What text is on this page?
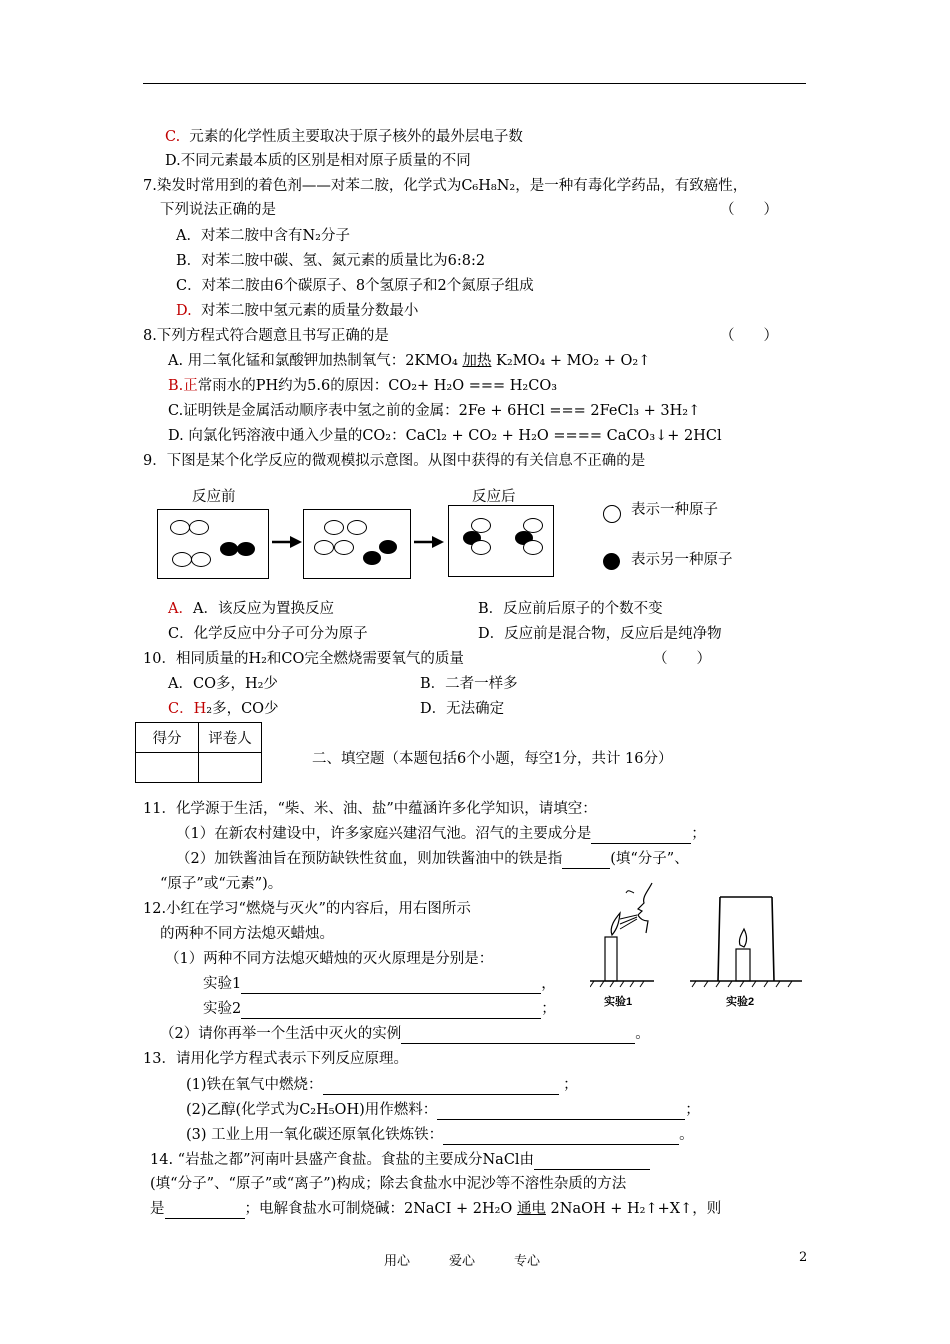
C. 元素的化学性质主要取决于原子核外的最外层电子数
D.不同元素最本质的区别是相对原子质量的不同
7.染发时常用到的着色剂——对苯二胺，化学式为C₆H₈N₂，是一种有毒化学药品，有致癌性，
下列说法正确的是	（　　）
A．对苯二胺中含有N₂分子
B．对苯二胺中碳、氢、氮元素的质量比为6:8:2
C．对苯二胺由6个碳原子、8个氢原子和2个氮原子组成
D. 对苯二胺中氢元素的质量分数最小
8.下列方程式符合题意且书写正确的是	（　　）
A. 用二氧化锰和氯酸钾加热制氧气：2KMO₄ 加热 K₂MO₄ + MO₂ + O₂↑
B.正常雨水的PH约为5.6的原因：CO₂+ H₂O === H₂CO₃
C.证明铁是金属活动顺序表中氢之前的金属：2Fe + 6HCl === 2FeCl₃ + 3H₂↑
D. 向氯化钙溶液中通入少量的CO₂：CaCl₂ + CO₂ + H₂O ==== CaCO₃↓+ 2HCl
9．下图是某个化学反应的微观模拟示意图。从图中获得的有关信息不正确的是
反应前	反应后
表示一种原子
表示另一种原子
A．A．该反应为置换反应	B．反应前后原子的个数不变
C．化学反应中分子可分为原子	D．反应前是混合物，反应后是纯净物
10．相同质量的H₂和CO完全燃烧需要氧气的质量	（　　）
A．CO多，H₂少	B．二者一样多
C．H₂多，CO少	D．无法确定
得分	评卷人

二、填空题（本题包括6个小题，每空1分，共计 16分）
11．化学源于生活，“柴、米、油、盐”中蕴涵许多化学知识，请填空：
（1）在新农村建设中，许多家庭兴建沼气池。沼气的主要成分是	；
（2）加铁酱油旨在预防缺铁性贫血，则加铁酱油中的铁是指	(填“分子”、
“原子”或“元素”)。
12.小红在学习“燃烧与灭火”的内容后，用右图所示
的两种不同方法熄灭蜡烛。
（1）两种不同方法熄灭蜡烛的灭火原理是分别是：
实验1	，
实验2	；
（2）请你再举一个生活中灭火的实例	。
实验1	实验2
13．请用化学方程式表示下列反应原理。
(1)铁在氧气中燃烧：	；
(2)乙醇(化学式为C₂H₅OH)用作燃料：	；
(3) 工业上用一氧化碳还原氧化铁炼铁：	。
14. “岩盐之都”河南叶县盛产食盐。食盐的主要成分NaCl由
(填“分子”、“原子”或“离子”)构成；除去食盐水中泥沙等不溶性杂质的方法
是	；电解食盐水可制烧碱：2NaCI + 2H₂O 通电 2NaOH + H₂↑+X↑，则
用心　　　爱心　　　专心	2
